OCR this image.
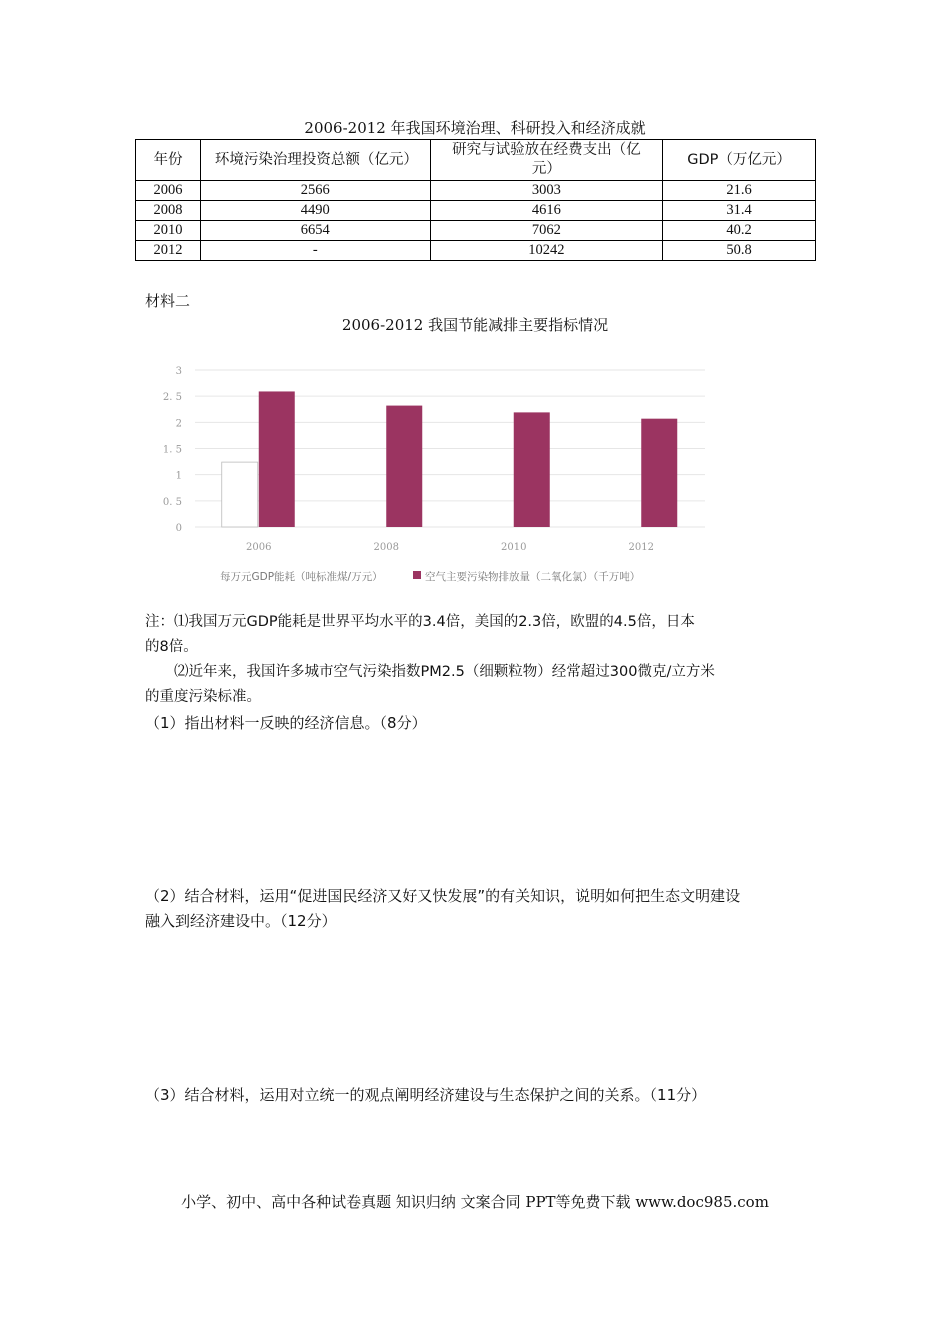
2006-2012 年我国环境治理、科研投入和经济成就
年份	环境污染治理投资总额（亿元）	研究与试验放在经费支出（亿元）	GDP（万亿元）
2006	2566	3003	21.6
2008	4490	4616	31.4
2010	6654	7062	40.2
2012	-	10242	50.8
材料二
2006-2012 我国节能减排主要指标情况
0
0. 5
1
1. 5
2
2. 5
3
2006	2008	2010	2012
每万元GDP能耗（吨标准煤/万元）	空气主要污染物排放量（二氧化氯）（千万吨）
注：⑴我国万元GDP能耗是世界平均水平的3.4倍，美国的2.3倍，欧盟的4.5倍，日本
的8倍。
⑵近年来，我国许多城市空气污染指数PM2.5（细颗粒物）经常超过300微克/立方米
的重度污染标准。
（1）指出材料一反映的经济信息。（8分）
（2）结合材料，运用“促进国民经济又好又快发展”的有关知识，说明如何把生态文明建设
融入到经济建设中。（12分）
（3）结合材料，运用对立统一的观点阐明经济建设与生态保护之间的关系。（11分）
小学、初中、高中各种试卷真题 知识归纳 文案合同 PPT等免费下载 www.doc985.com
